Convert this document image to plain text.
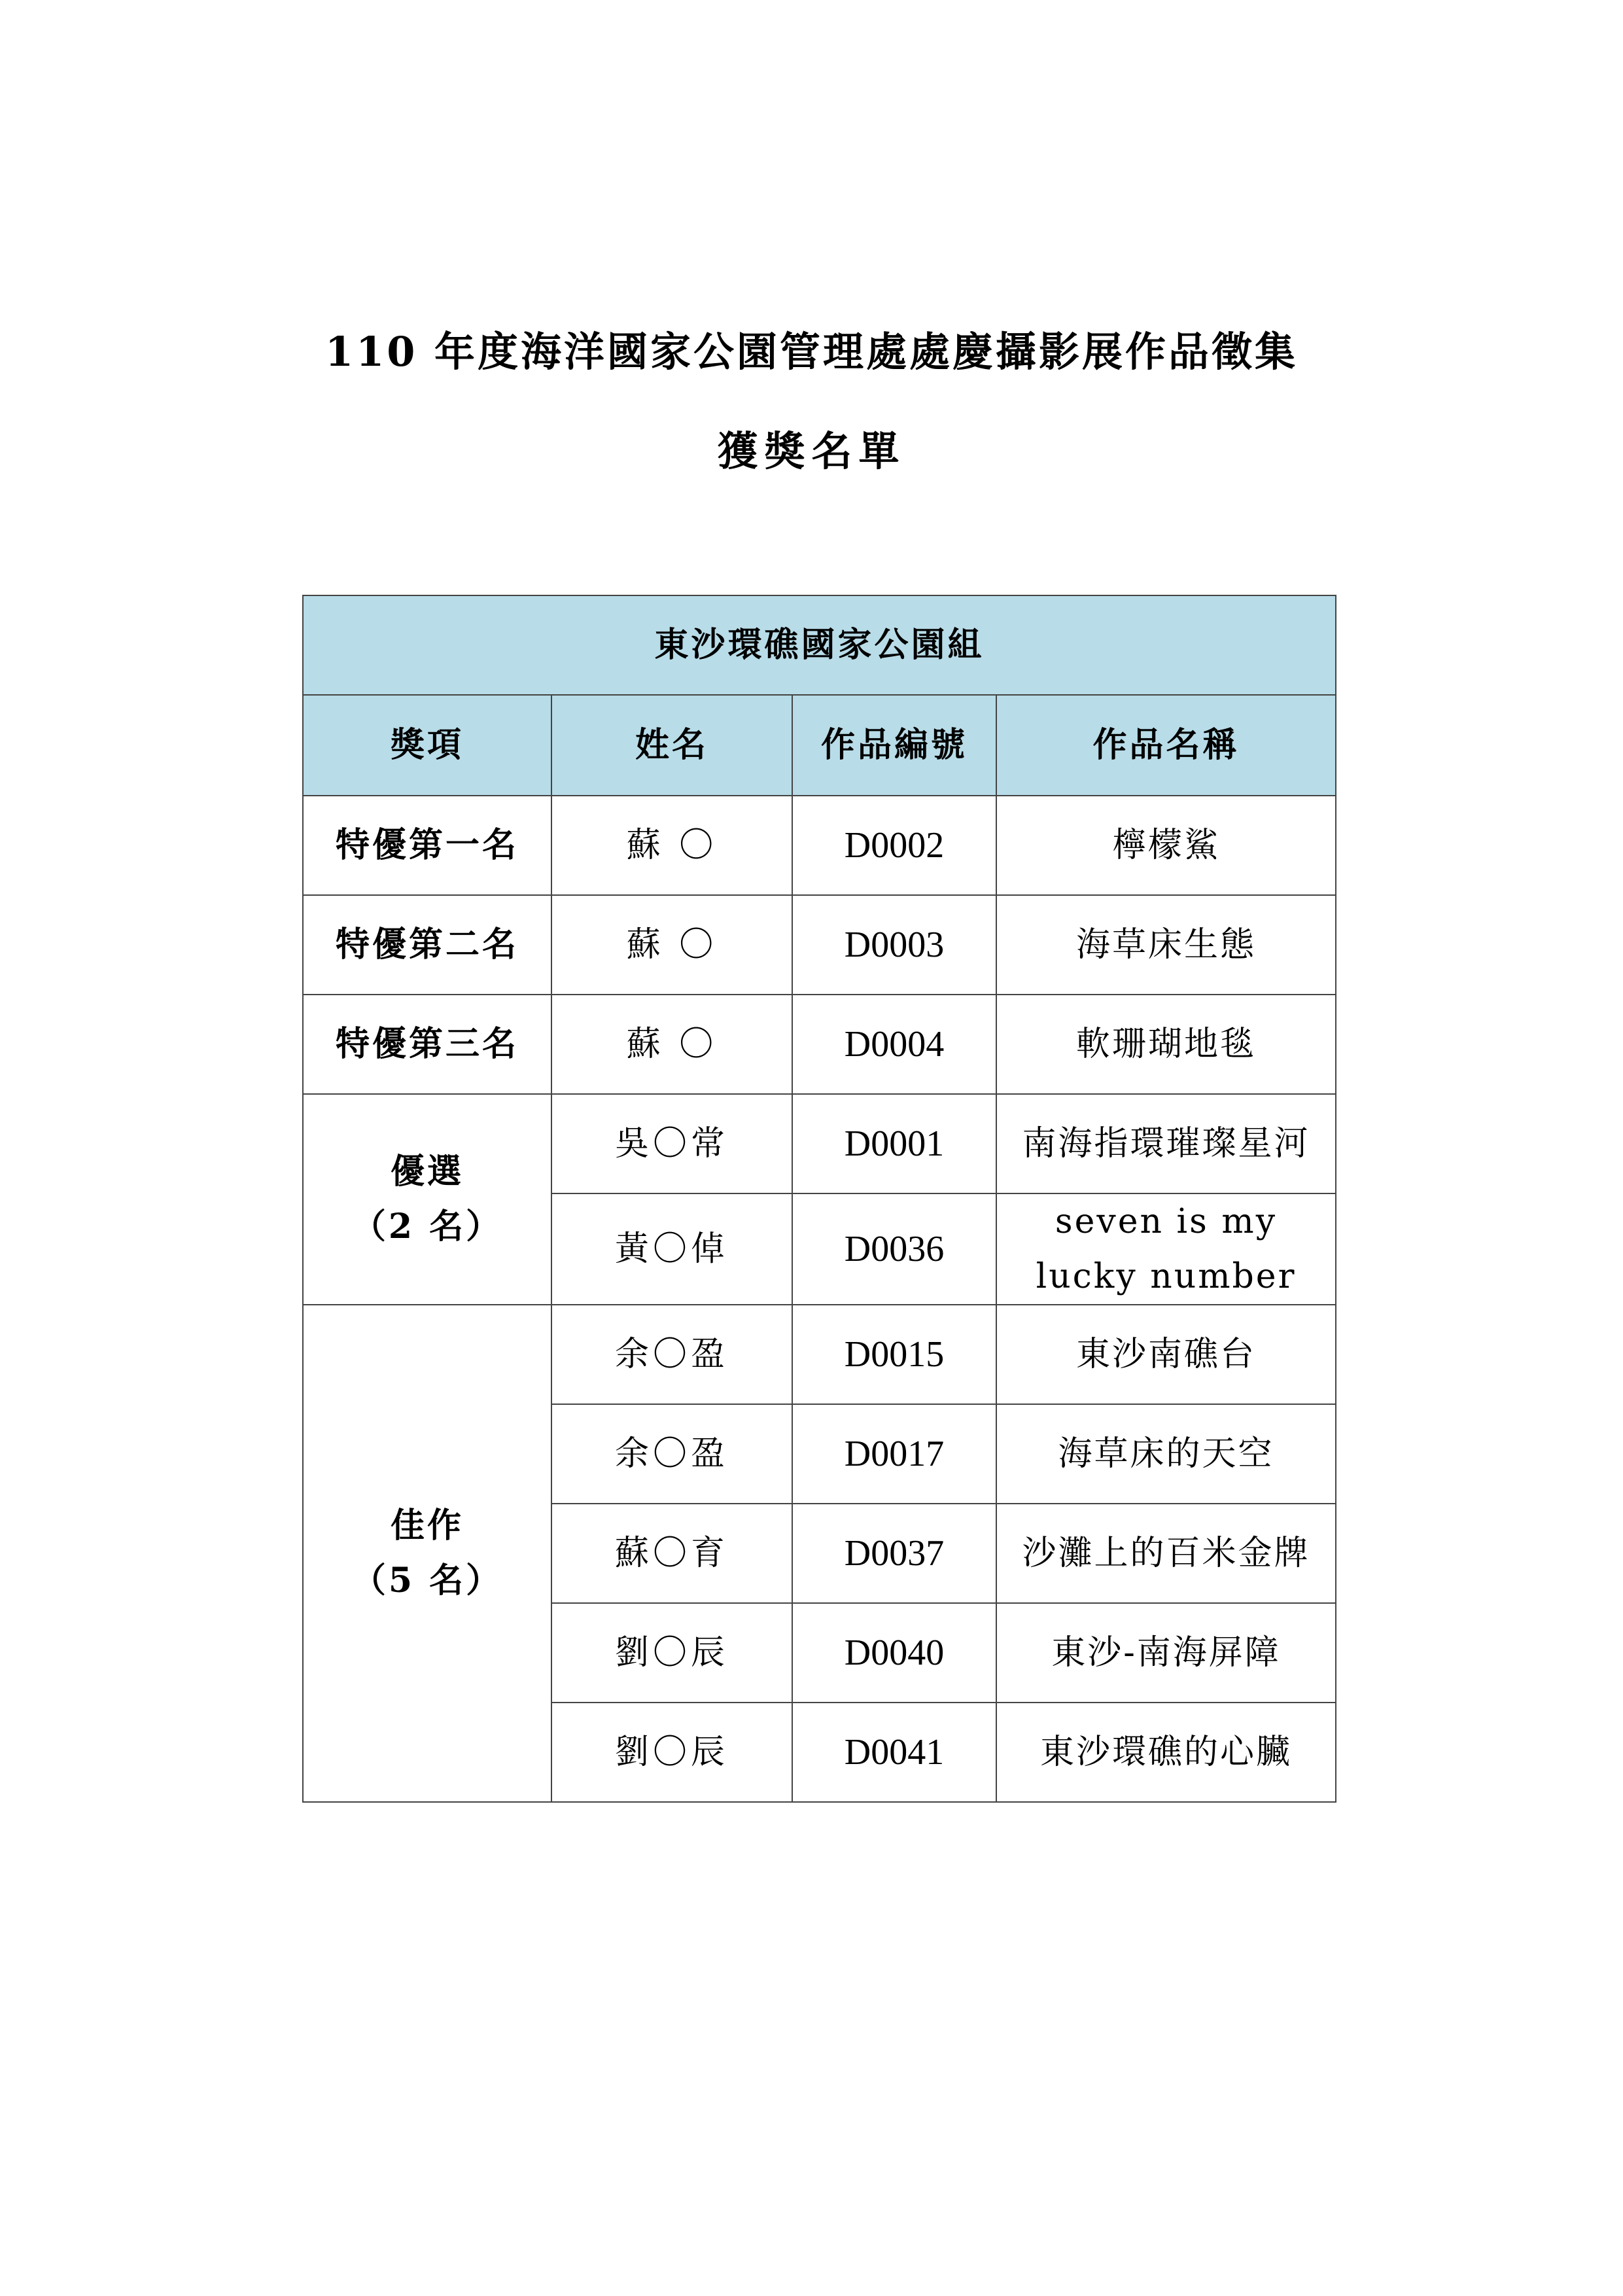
110 年度海洋國家公園管理處處慶攝影展作品徵集
獲獎名單
東沙環礁國家公園組			
獎項	姓名	作品編號	作品名稱
特優第一名	蘇 〇	D0002	檸檬鯊
特優第二名	蘇 〇	D0003	海草床生態
特優第三名	蘇 〇	D0004	軟珊瑚地毯

優選
（2 名）	吳〇常	D0001	南海指環璀璨星河
	黃〇倬	D0036	seven is my lucky number

佳作
（5 名）	余〇盈	D0015	東沙南礁台
	余〇盈	D0017	海草床的天空
	蘇〇育	D0037	沙灘上的百米金牌
	劉〇辰	D0040	東沙-南海屏障
	劉〇辰	D0041	東沙環礁的心臟
